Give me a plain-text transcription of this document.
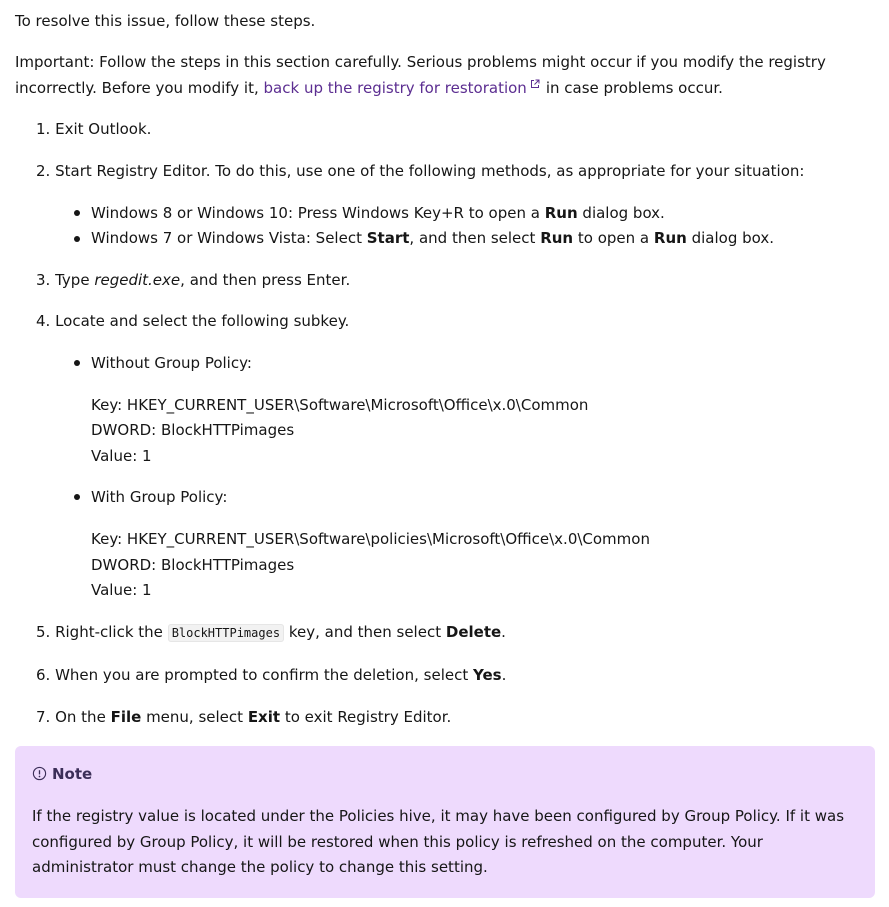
To resolve this issue, follow these steps.

Important: Follow the steps in this section carefully. Serious problems might occur if you modify the registry incorrectly. Before you modify it, back up the registry for restoration in case problems occur.

1. Exit Outlook.
2. Start Registry Editor. To do this, use one of the following methods, as appropriate for your situation:
Windows 8 or Windows 10: Press Windows Key+R to open a Run dialog box.
Windows 7 or Windows Vista: Select Start, and then select Run to open a Run dialog box.
3. Type regedit.exe, and then press Enter.
4. Locate and select the following subkey.
Without Group Policy:
Key: HKEY_CURRENT_USER\Software\Microsoft\Office\x.0\Common
DWORD: BlockHTTPimages
Value: 1
With Group Policy:
Key: HKEY_CURRENT_USER\Software\policies\Microsoft\Office\x.0\Common
DWORD: BlockHTTPimages
Value: 1
5. Right-click the BlockHTTPimages key, and then select Delete.
6. When you are prompted to confirm the deletion, select Yes.
7. On the File menu, select Exit to exit Registry Editor.
Note

If the registry value is located under the Policies hive, it may have been configured by Group Policy. If it was configured by Group Policy, it will be restored when this policy is refreshed on the computer. Your administrator must change the policy to change this setting.
